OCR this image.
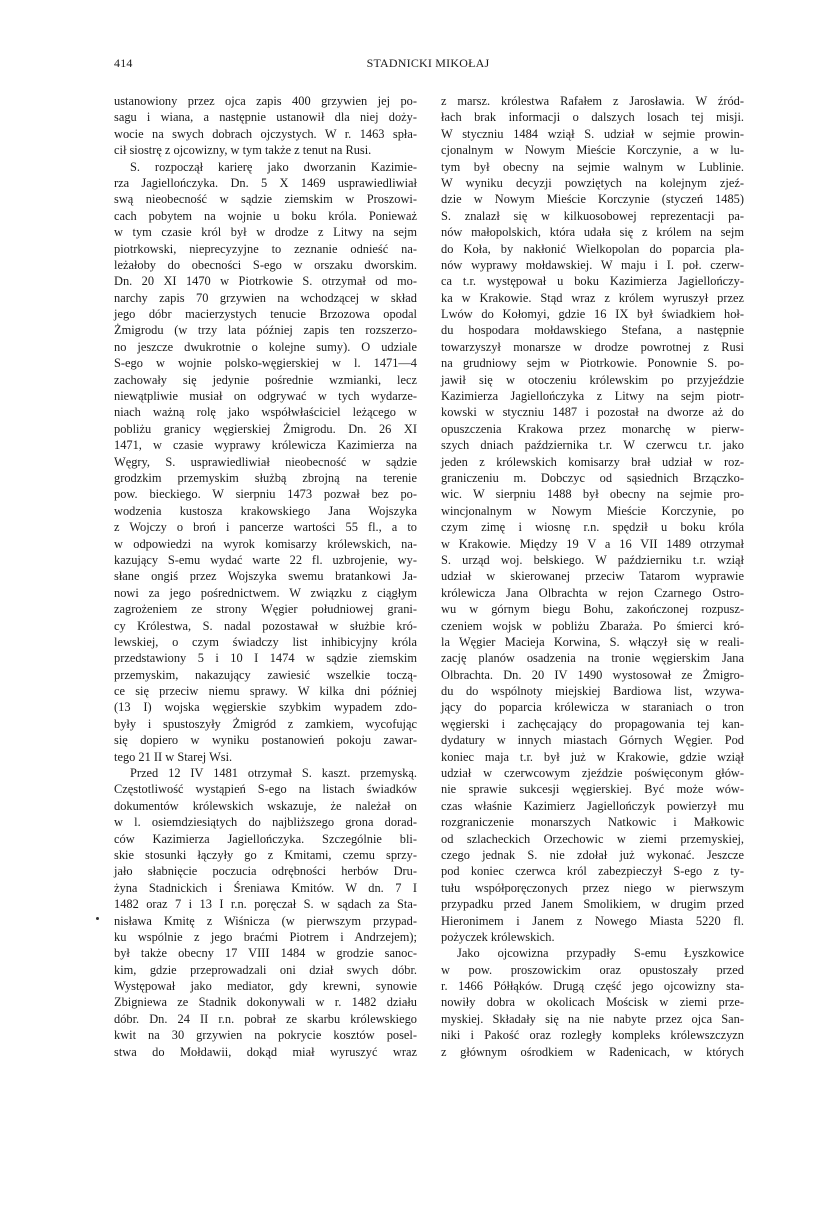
414	STADNICKI MIKOŁAJ
ustanowiony przez ojca zapis 400 grzywien jej po-
sagu i wiana, a następnie ustanowił dla niej dożу-
wocie na swych dobrach ojczystych. W r. 1463 spła-
cił siostrę z ojcowizny, w tym także z tenut na Rusi.
S. rozpoczął karierę jako dworzanin Kazimie-
rza Jagiellończyka. Dn. 5 X 1469 usprawiedliwiał
swą nieobecność w sądzie ziemskim w Proszowi-
cach pobytem na wojnie u boku króla. Ponieważ
w tym czasie król był w drodze z Litwy na sejm
piotrkowski, nieprecyzyjne to zeznanie odnieść na-
leżałoby do obecności S-ego w orszaku dworskim.
Dn. 20 XI 1470 w Piotrkowie S. otrzymał od mo-
narchy zapis 70 grzywien na wchodzącej w skład
jego dóbr macierzystych tenucie Brzozowa opodal
Żmigrodu (w trzy lata później zapis ten rozszerzo-
no jeszcze dwukrotnie o kolejne sumy). O udziale
S-ego w wojnie polsko-węgierskiej w l. 1471—4
zachowały się jedynie pośrednie wzmianki, lecz
niewątpliwie musiał on odgrywać w tych wydarze-
niach ważną rolę jako współwłaściciel leżącego w
pobliżu granicy węgierskiej Żmigrodu. Dn. 26 XI
1471, w czasie wyprawy królewicza Kazimierza na
Węgry, S. usprawiedliwiał nieobecność w sądzie
grodzkim przemyskim służbą zbrojną na terenie
pow. bieckiego. W sierpniu 1473 pozwał bez po-
wodzenia kustosza krakowskiego Jana Wojszyka
z Wojczy o broń i pancerze wartości 55 fl., a to
w odpowiedzi na wyrok komisarzy królewskich, na-
kazujący S-emu wydać warte 22 fl. uzbrojenie, wy-
słane ongiś przez Wojszyka swemu bratankowi Ja-
nowi za jego pośrednictwem. W związku z ciągłym
zagrożeniem ze strony Węgier południowej grani-
cy Królestwa, S. nadal pozostawał w służbie kró-
lewskiej, o czym świadczy list inhibicyjny króla
przedstawiony 5 i 10 I 1474 w sądzie ziemskim
przemyskim, nakazujący zawiesić wszelkie toczą-
ce się przeciw niemu sprawy. W kilka dni później
(13 I) wojska węgierskie szybkim wypadem zdo-
były i spustoszyły Żmigród z zamkiem, wycofując
się dopiero w wyniku postanowień pokoju zawar-
tego 21 II w Starej Wsi.
Przed 12 IV 1481 otrzymał S. kaszt. przemyską.
Częstotliwość wystąpień S-ego na listach świadków
dokumentów królewskich wskazuje, że należał on
w l. osiemdziesiątych do najbliższego grona dorad-
ców Kazimierza Jagiellończyka. Szczególnie bli-
skie stosunki łączyły go z Kmitami, czemu sprzy-
jało słabnięcie poczucia odrębności herbów Dru-
żyna Stadnickich i Śreniawa Kmitów. W dn. 7 I
1482 oraz 7 i 13 I r.n. poręczał S. w sądach za Sta-
nisława Kmitę z Wiśnicza (w pierwszym przypad-
ku wspólnie z jego braćmi Piotrem i Andrzejem);
był także obecny 17 VIII 1484 w grodzie sanoc-
kim, gdzie przeprowadzali oni dział swych dóbr.
Występował jako mediator, gdy krewni, synowie
Zbigniewa ze Stadnik dokonywali w r. 1482 działu
dóbr. Dn. 24 II r.n. pobrał ze skarbu królewskiego
kwit na 30 grzywien na pokrycie kosztów posel-
stwa do Mołdawii, dokąd miał wyruszyć wraz
z marsz. królestwa Rafałem z Jarosławia. W źród-
łach brak informacji o dalszych losach tej misji.
W styczniu 1484 wziął S. udział w sejmie prowin-
cjonalnym w Nowym Mieście Korczynie, a w lu-
tym był obecny na sejmie walnym w Lublinie.
W wyniku decyzji powziętych na kolejnym zjeź-
dzie w Nowym Mieście Korczynie (styczeń 1485)
S. znalazł się w kilkuosobowej reprezentacji pa-
nów małopolskich, która udała się z królem na sejm
do Koła, by nakłonić Wielkopolan do poparcia pla-
nów wyprawy mołdawskiej. W maju i I. poł. czerw-
ca t.r. występował u boku Kazimierza Jagiellończy-
ka w Krakowie. Stąd wraz z królem wyruszył przez
Lwów do Kołomyi, gdzie 16 IX był świadkiem hoł-
du hospodara mołdawskiego Stefana, a następnie
towarzyszył monarsze w drodze powrotnej z Rusi
na grudniowy sejm w Piotrkowie. Ponownie S. po-
jawił się w otoczeniu królewskim po przyjeździe
Kazimierza Jagiellończyka z Litwy na sejm piotr-
kowski w styczniu 1487 i pozostał na dworze aż do
opuszczenia Krakowa przez monarchę w pierw-
szych dniach października t.r. W czerwcu t.r. jako
jeden z królewskich komisarzy brał udział w roz-
graniczeniu m. Dobczyc od sąsiednich Brzączko-
wic. W sierpniu 1488 był obecny na sejmie pro-
wincjonalnym w Nowym Mieście Korczynie, po
czym zimę i wiosnę r.n. spędził u boku króla
w Krakowie. Między 19 V a 16 VII 1489 otrzymał
S. urząd woj. bełskiego. W październiku t.r. wziął
udział w skierowanej przeciw Tatarom wyprawie
królewicza Jana Olbrachta w rejon Czarnego Ostro-
wu w górnym biegu Bohu, zakończonej rozpusz-
czeniem wojsk w pobliżu Zbaraża. Po śmierci kró-
la Węgier Macieja Korwina, S. włączył się w reali-
zację planów osadzenia na tronie węgierskim Jana
Olbrachta. Dn. 20 IV 1490 wystosował ze Żmigro-
du do wspólnoty miejskiej Bardiowa list, wzywa-
jący do poparcia królewicza w staraniach o tron
węgierski i zachęcający do propagowania tej kan-
dydatury w innych miastach Górnych Węgier. Pod
koniec maja t.r. był już w Krakowie, gdzie wziął
udział w czerwcowym zjeździe poświęconym głów-
nie sprawie sukcesji węgierskiej. Być może wów-
czas właśnie Kazimierz Jagiellończyk powierzył mu
rozgraniczenie monarszych Natkowic i Małkowic
od szlacheckich Orzechowic w ziemi przemyskiej,
czego jednak S. nie zdołał już wykonać. Jeszcze
pod koniec czerwca król zabezpieczył S-ego z ty-
tułu współporęczonych przez niego w pierwszym
przypadku przed Janem Smolikiem, w drugim przed
Hieronimem i Janem z Nowego Miasta 5220 fl.
pożyczek królewskich.
Jako ojcowizna przypadły S-emu Łyszkowice
w pow. proszowickim oraz opustoszały przed
r. 1466 Półłąków. Drugą część jego ojcowizny sta-
nowiły dobra w okolicach Mościsk w ziemi prze-
myskiej. Składały się na nie nabyte przez ojca San-
niki i Pakość oraz rozległy kompleks królewszczyzn
z głównym ośrodkiem w Radenicach, w których
